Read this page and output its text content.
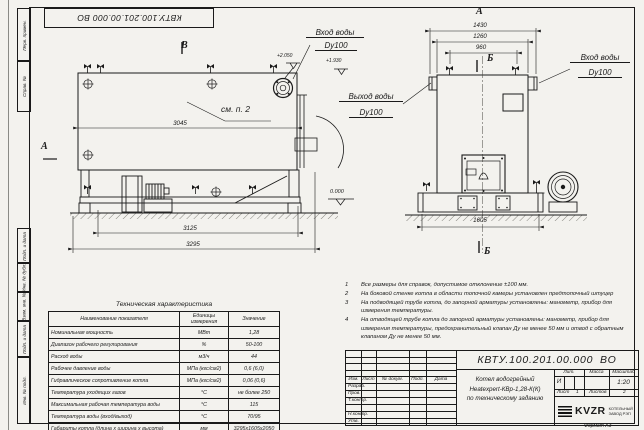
КВТУ.100.201.00.000 ВО
Перв. примен.
Справ. №
Подп. и дата
Инв. № дубл.
Взам. инв. №
Подп. и дата
Инв. № подл.
В
А
см. п. 2
Вход воды
Dy100
+2.050
+1.930
0.000
3045
3125
3295
А
1430
1260
960
Б
Б
1605
Выход воды
Dy100
Вход воды
Dy100
1	Все размеры для справок, допустимое отклонение ±100 мм.
2	На боковой стенке котла в области топочной камеры установлен предтопочный штуцер
3	На подводящей трубе котла, до запорной арматуры установлены: манометр, прибор для измерения температуры.
4	На отводящей трубе котла до запорной арматуры установлены: манометр, прибор для измерения температуры, предохранительный клапан Ду не менее 50 мм и отвод с обратным клапаном Ду не менее 50 мм.
Техническая характеристика
Наименование показателя	Единицы измерения	Значение
Номинальная мощность	МВт	1,28
Диапазон рабочего регулирования	%	50-100
Расход воды	м3/ч	44
Рабочее давление воды	МПа (кгс/см2)	0,6 (6,0)
Гидравлическое сопротивление котла	МПа (кгс/см2)	0,06 (0,6)
Температура уходящих газов	°С	не более 250
Максимальная рабочая температура воды	°С	115
Температура воды (вход/выход)	°С	70/95
Габариты котла (длина х ширина х высота)	мм	3295х1605х2050
КВТУ.100.201.00.000 ВО
Изм. Лист	№ докум.	Подп.	Дата
Разраб.
Пров.
Т.контр.
Н.контр.
Утв.
Котел водогрейный
Heatexpert-КВр-1,28-К(К)
по техническому заданию
Лит.	Масса	Масштаб
И	1:20
Лист 1 Листов	2
KVZR КОТЕЛЬНЫЙ
ЗАВОД РЭП
Формат А3
